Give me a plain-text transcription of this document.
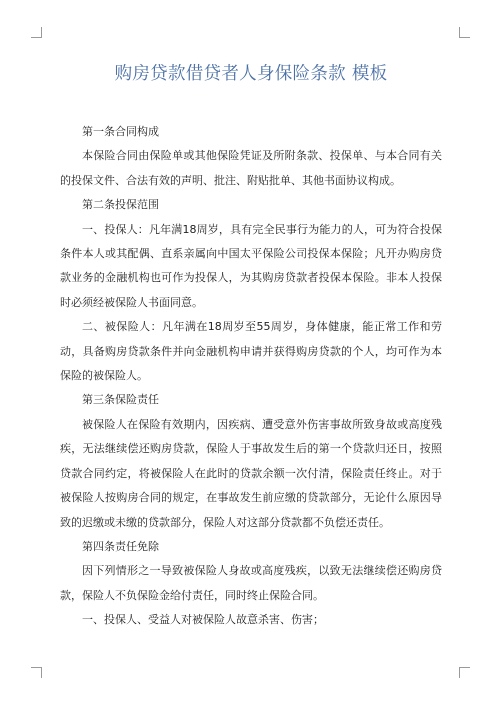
购房贷款借贷者人身保险条款 模板

第一条合同构成

本保险合同由保险单或其他保险凭证及所附条款、投保单、与本合同有关的投保文件、合法有效的声明、批注、附贴批单、其他书面协议构成。

第二条投保范围

一、投保人：凡年满18周岁，具有完全民事行为能力的人，可为符合投保条件本人或其配偶、直系亲属向中国太平保险公司投保本保险；凡开办购房贷款业务的金融机构也可作为投保人，为其购房贷款者投保本保险。非本人投保时必须经被保险人书面同意。

二、被保险人：凡年满在18周岁至55周岁，身体健康，能正常工作和劳动，具备购房贷款条件并向金融机构申请并获得购房贷款的个人，均可作为本保险的被保险人。

第三条保险责任

被保险人在保险有效期内，因疾病、遭受意外伤害事故所致身故或高度残疾，无法继续偿还购房贷款，保险人于事故发生后的第一个贷款归还日，按照贷款合同约定，将被保险人在此时的贷款余额一次付清，保险责任终止。对于被保险人按购房合同的规定，在事故发生前应缴的贷款部分，无论什么原因导致的迟缴或未缴的贷款部分，保险人对这部分贷款都不负偿还责任。

第四条责任免除

因下列情形之一导致被保险人身故或高度残疾，以致无法继续偿还购房贷款，保险人不负保险金给付责任，同时终止保险合同。

一、投保人、受益人对被保险人故意杀害、伤害；
